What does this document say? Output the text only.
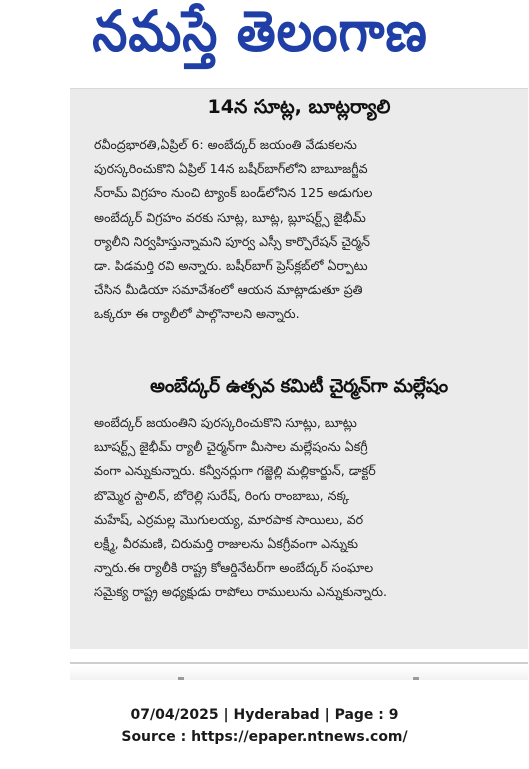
నమస్తే తెలంగాణ
14న సూట్ల, బూట్లర్యాలి
రవీంద్రభారతి,ఏప్రిల్ 6: అంబేద్కర్ జయంతి వేడుకలను
పురస్కరించుకొని ఏప్రిల్ 14న బషీర్‌బాగ్‌లోని బాబూజగ్జీవ
న్‌రామ్ విగ్రహం నుంచి ట్యాంక్ బండ్‌లోనిన 125 అడుగుల
అంబేద్కర్ విగ్రహం వరకు సూట్ల, బూట్ల, బ్లూషర్ట్స్ జైభీమ్
ర్యాలీని నిర్వహిస్తున్నామని పూర్వ ఎస్సీ కార్పొరేషన్ చైర్మన్
డా. పిడమర్తి రవి అన్నారు. బషీర్‌బాగ్ ప్రెస్‌క్లబ్‌లో ఏర్పాటు
చేసిన మీడియా సమావేశంలో ఆయన మాట్లాడుతూ ప్రతి
ఒక్కరూ ఈ ర్యాలీలో పాల్గొనాలని అన్నారు.
అంబేద్కర్ ఉత్సవ కమిటీ చైర్మన్‌గా మల్లేషం
అంబేద్కర్ జయంతిని పురస్కరించుకొని సూట్లు, బూట్లు
బూషర్ట్స్ జైభీమ్ ర్యాలీ చైర్మన్‌గా మీసాల మల్లేషంను ఏకగ్రీ
వంగా ఎన్నుకున్నారు. కన్వీనర్లుగా గజ్జెల్లి మల్లికార్జున్, డాక్టర్
బొమ్మెర స్టాలిన్, బోరెల్లి సురేష్, రింగు రాంబాబు, నక్క
మహేష్, ఎర్రమల్ల మొగులయ్య, మారపాక సాయిలు, వర
లక్ష్మీ, వీరమణి, చిరుమర్తి రాజులను ఏకగ్రీవంగా ఎన్నుకు
న్నారు.ఈ ర్యాలీకి రాష్ట్ర కోఆర్డినేటర్‌గా అంబేద్కర్ సంఘాల
సమైక్య రాష్ట్ర అధ్యక్షుడు రాపోలు రాములును ఎన్నుకున్నారు.
07/04/2025 | Hyderabad | Page : 9
Source : https://epaper.ntnews.com/
